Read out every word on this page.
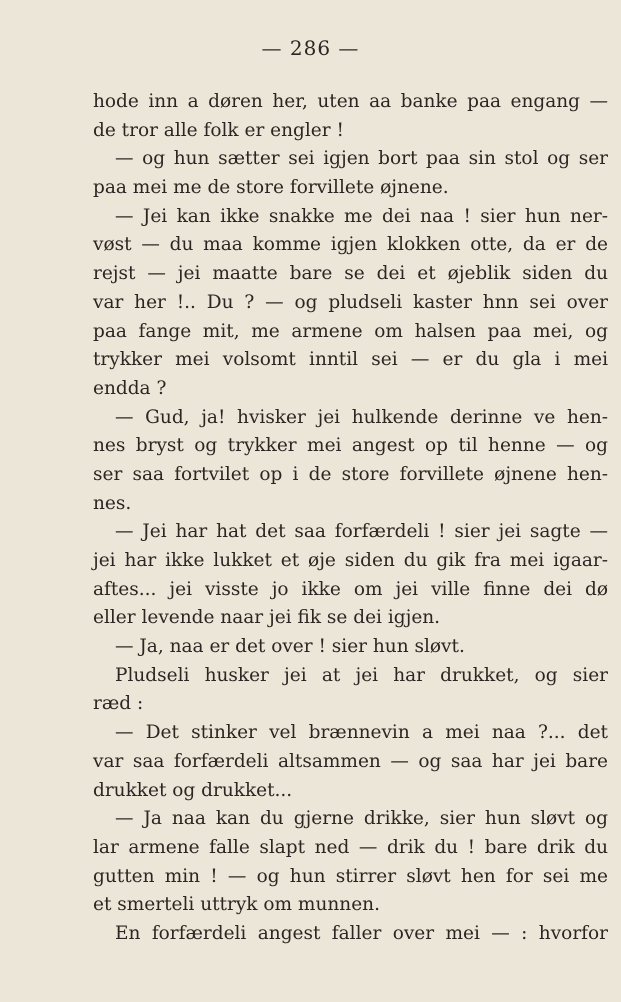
— 286 —
hode inn a døren her, uten aa banke paa engang —
de tror alle folk er engler !
— og hun sætter sei igjen bort paa sin stol og ser
paa mei me de store forvillete øjnene.
— Jei kan ikke snakke me dei naa ! sier hun ner-
vøst — du maa komme igjen klokken otte, da er de
rejst — jei maatte bare se dei et øjeblik siden du
var her !.. Du ? — og pludseli kaster hnn sei over
paa fange mit, me armene om halsen paa mei, og
trykker mei volsomt inntil sei — er du gla i mei
endda ?
— Gud, ja! hvisker jei hulkende derinne ve hen-
nes bryst og trykker mei angest op til henne — og
ser saa fortvilet op i de store forvillete øjnene hen-
nes.
— Jei har hat det saa forfærdeli ! sier jei sagte —
jei har ikke lukket et øje siden du gik fra mei igaar-
aftes... jei visste jo ikke om jei ville finne dei dø
eller levende naar jei fik se dei igjen.
— Ja, naa er det over ! sier hun sløvt.
Pludseli husker jei at jei har drukket, og sier
ræd :
— Det stinker vel brænnevin a mei naa ?... det
var saa forfærdeli altsammen — og saa har jei bare
drukket og drukket...
— Ja naa kan du gjerne drikke, sier hun sløvt og
lar armene falle slapt ned — drik du ! bare drik du
gutten min ! — og hun stirrer sløvt hen for sei me
et smerteli uttryk om munnen.
En forfærdeli angest faller over mei — : hvorfor
